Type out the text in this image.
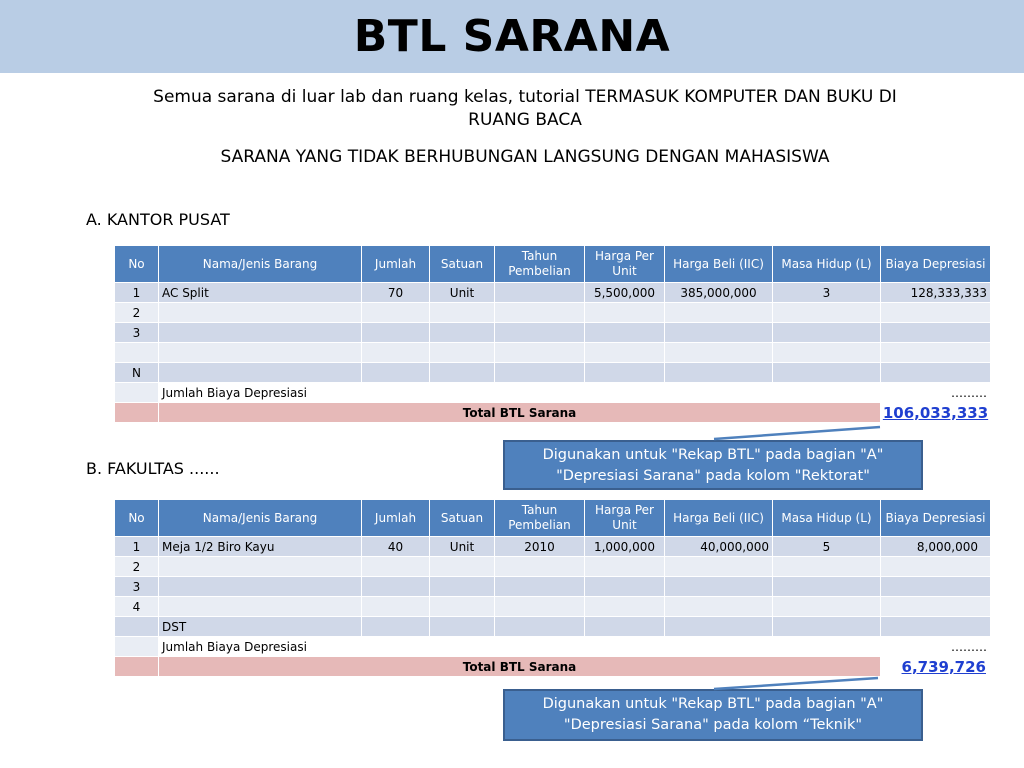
BTL SARANA
Semua sarana di luar lab dan ruang kelas, tutorial TERMASUK KOMPUTER DAN BUKU DI
RUANG BACA
SARANA YANG TIDAK BERHUBUNGAN LANGSUNG DENGAN MAHASISWA
A. KANTOR PUSAT
No	Nama/Jenis Barang	Jumlah	Satuan	Tahun Pembelian	Harga Per Unit	Harga Beli (IIC)	Masa Hidup (L)	Biaya Depresiasi
1	AC Split	70	Unit		5,500,000	385,000,000	3	128,333,333
2								
3								

N								
	Jumlah Biaya Depresiasi							………
	Total BTL Sarana							106,033,333
Digunakan untuk "Rekap BTL" pada bagian "A"
"Depresiasi Sarana" pada kolom "Rektorat"
B. FAKULTAS ......
No	Nama/Jenis Barang	Jumlah	Satuan	Tahun Pembelian	Harga Per Unit	Harga Beli (IIC)	Masa Hidup (L)	Biaya Depresiasi
1	Meja 1/2 Biro Kayu	40	Unit	2010	1,000,000	40,000,000	5	8,000,000
2								
3								
4								
	DST							
	Jumlah Biaya Depresiasi							………
	Total BTL Sarana							6,739,726
Digunakan untuk "Rekap BTL" pada bagian "A"
"Depresiasi Sarana" pada kolom “Teknik"
